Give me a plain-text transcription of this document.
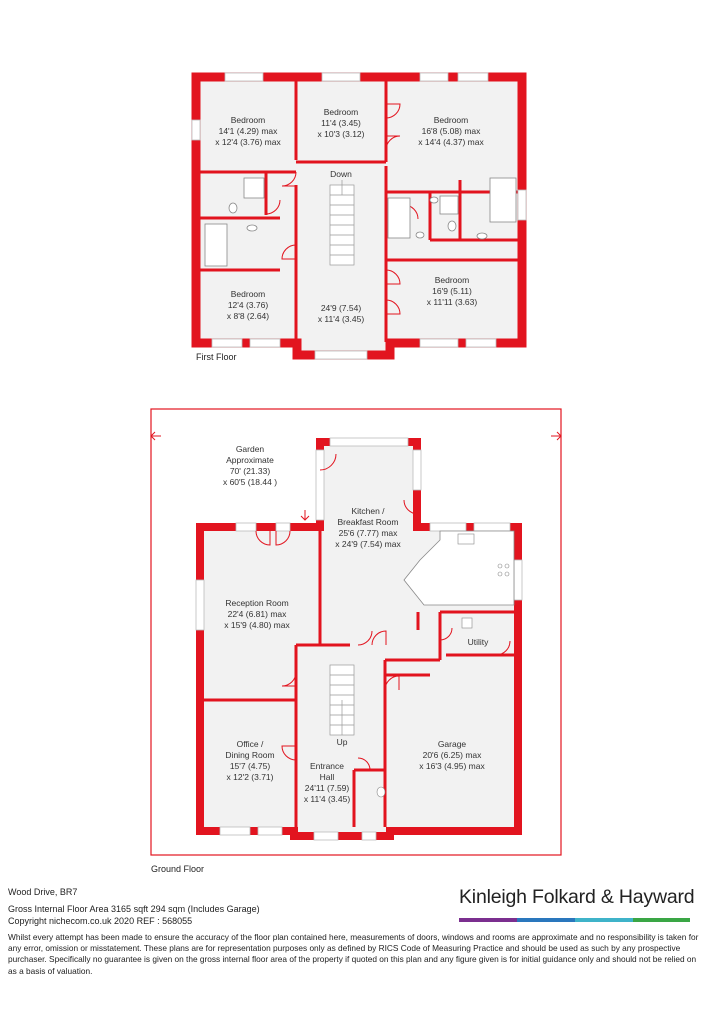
Bedroom
14'1 (4.29) max
x 12'4 (3.76) max
Bedroom
11'4 (3.45)
x 10'3 (3.12)
Bedroom
16'8 (5.08) max
x 14'4 (4.37) max
Bedroom
12'4 (3.76)
x 8'8 (2.64)
24'9 (7.54)
x 11'4 (3.45)
Bedroom
16'9 (5.11)
x 11'11 (3.63)
Down
First Floor
Garden
Approximate
70' (21.33)
x 60'5 (18.44 )
Kitchen /
Breakfast Room
25'6 (7.77) max
x 24'9 (7.54) max
Reception Room
22'4 (6.81) max
x 15'9 (4.80) max
Utility
Office /
Dining Room
15'7 (4.75)
x 12'2 (3.71)
Entrance
Hall
24'11 (7.59)
x 11'4 (3.45)
Garage
20'6 (6.25) max
x 16'3 (4.95) max
Up
Ground Floor
Wood Drive, BR7
Gross Internal Floor Area 3165 sqft 294 sqm (Includes Garage)
Copyright nichecom.co.uk 2020 REF : 568055
Whilst every attempt has been made to ensure the accuracy of the floor plan contained here, measurements of doors, windows and rooms are approximate and no responsibility is taken for any error, omission or misstatement. These plans are for representation purposes only as defined by RICS Code of Measuring Practice and should be used as such by any prospective purchaser. Specifically no guarantee is given on the gross internal floor area of the property if quoted on this plan and any figure given is for initial guidance only and should not be relied on as a basis of valuation.
Kinleigh Folkard & Hayward
